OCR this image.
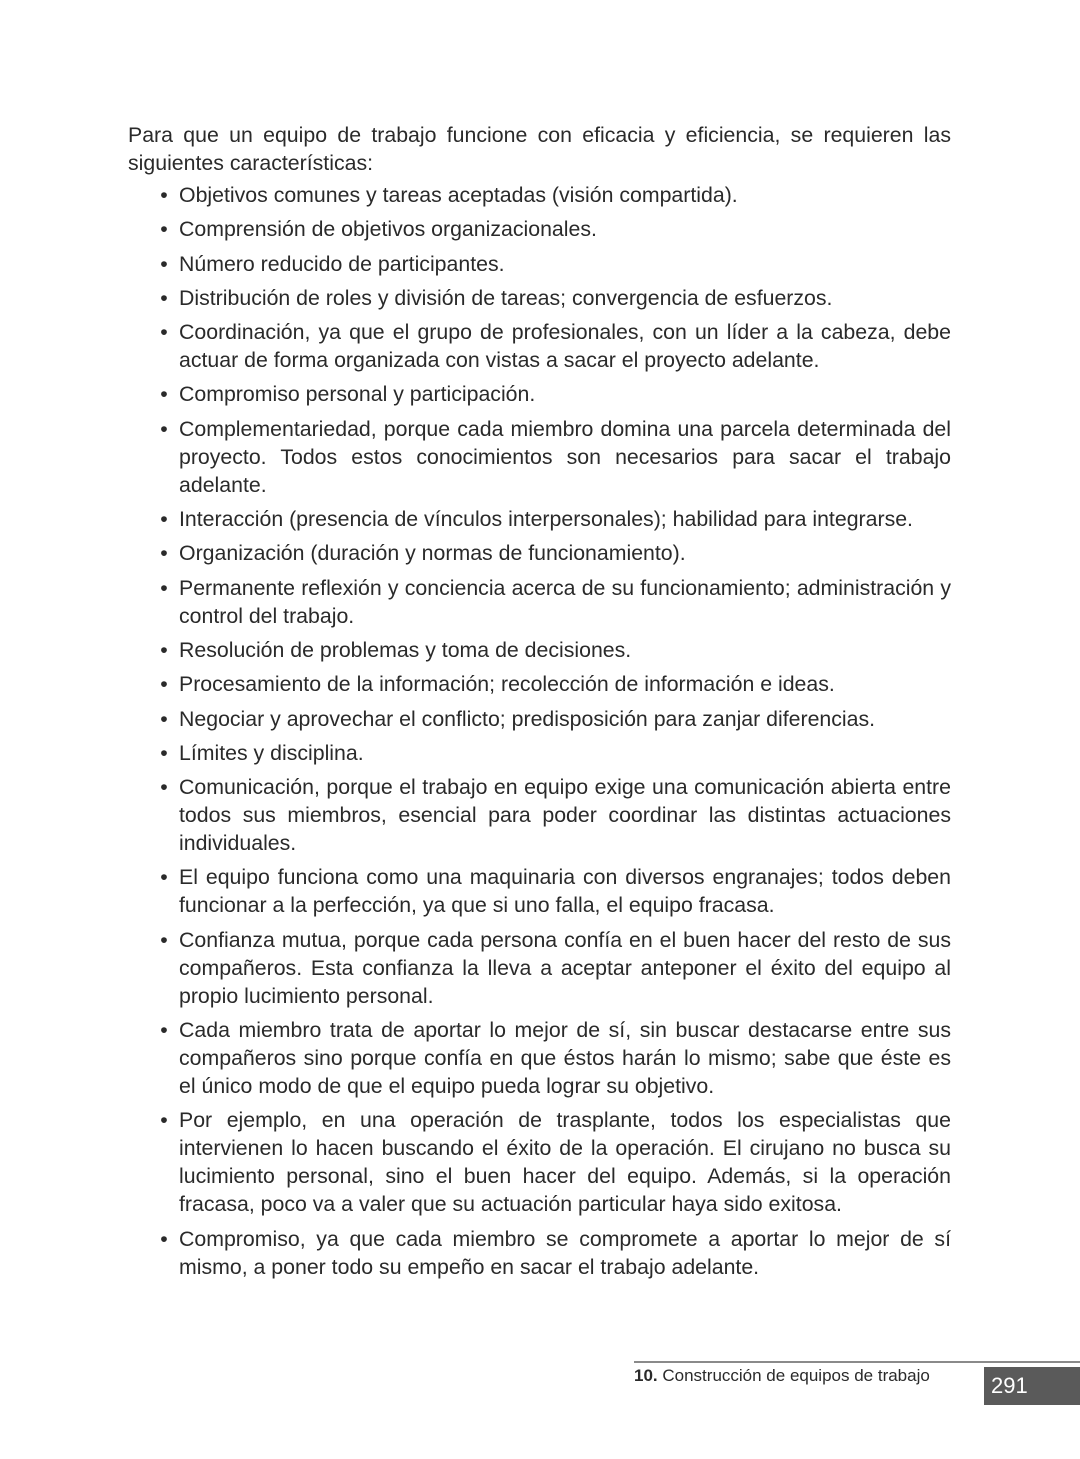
Para que un equipo de trabajo funcione con eficacia y eficiencia, se requieren las siguientes características:

• Objetivos comunes y tareas aceptadas (visión compartida).
• Comprensión de objetivos organizacionales.
• Número reducido de participantes.
• Distribución de roles y división de tareas; convergencia de esfuerzos.
• Coordinación, ya que el grupo de profesionales, con un líder a la cabeza, debe actuar de forma organizada con vistas a sacar el proyecto adelante.
• Compromiso personal y participación.
• Complementariedad, porque cada miembro domina una parcela determinada del proyecto. Todos estos conocimientos son necesarios para sacar el trabajo adelante.
• Interacción (presencia de vínculos interpersonales); habilidad para integrarse.
• Organización (duración y normas de funcionamiento).
• Permanente reflexión y conciencia acerca de su funcionamiento; administración y control del trabajo.
• Resolución de problemas y toma de decisiones.
• Procesamiento de la información; recolección de información e ideas.
• Negociar y aprovechar el conflicto; predisposición para zanjar diferencias.
• Límites y disciplina.
• Comunicación, porque el trabajo en equipo exige una comunicación abierta entre todos sus miembros, esencial para poder coordinar las distintas actuaciones individuales.
• El equipo funciona como una maquinaria con diversos engranajes; todos deben funcionar a la perfección, ya que si uno falla, el equipo fracasa.
• Confianza mutua, porque cada persona confía en el buen hacer del resto de sus compañeros. Esta confianza la lleva a aceptar anteponer el éxito del equipo al propio lucimiento personal.
• Cada miembro trata de aportar lo mejor de sí, sin buscar destacarse entre sus compañeros sino porque confía en que éstos harán lo mismo; sabe que éste es el único modo de que el equipo pueda lograr su objetivo.
• Por ejemplo, en una operación de trasplante, todos los especialistas que intervienen lo hacen buscando el éxito de la operación. El cirujano no busca su lucimiento personal, sino el buen hacer del equipo. Además, si la operación fracasa, poco va a valer que su actuación particular haya sido exitosa.
• Compromiso, ya que cada miembro se compromete a aportar lo mejor de sí mismo, a poner todo su empeño en sacar el trabajo adelante.
10. Construcción de equipos de trabajo	291
